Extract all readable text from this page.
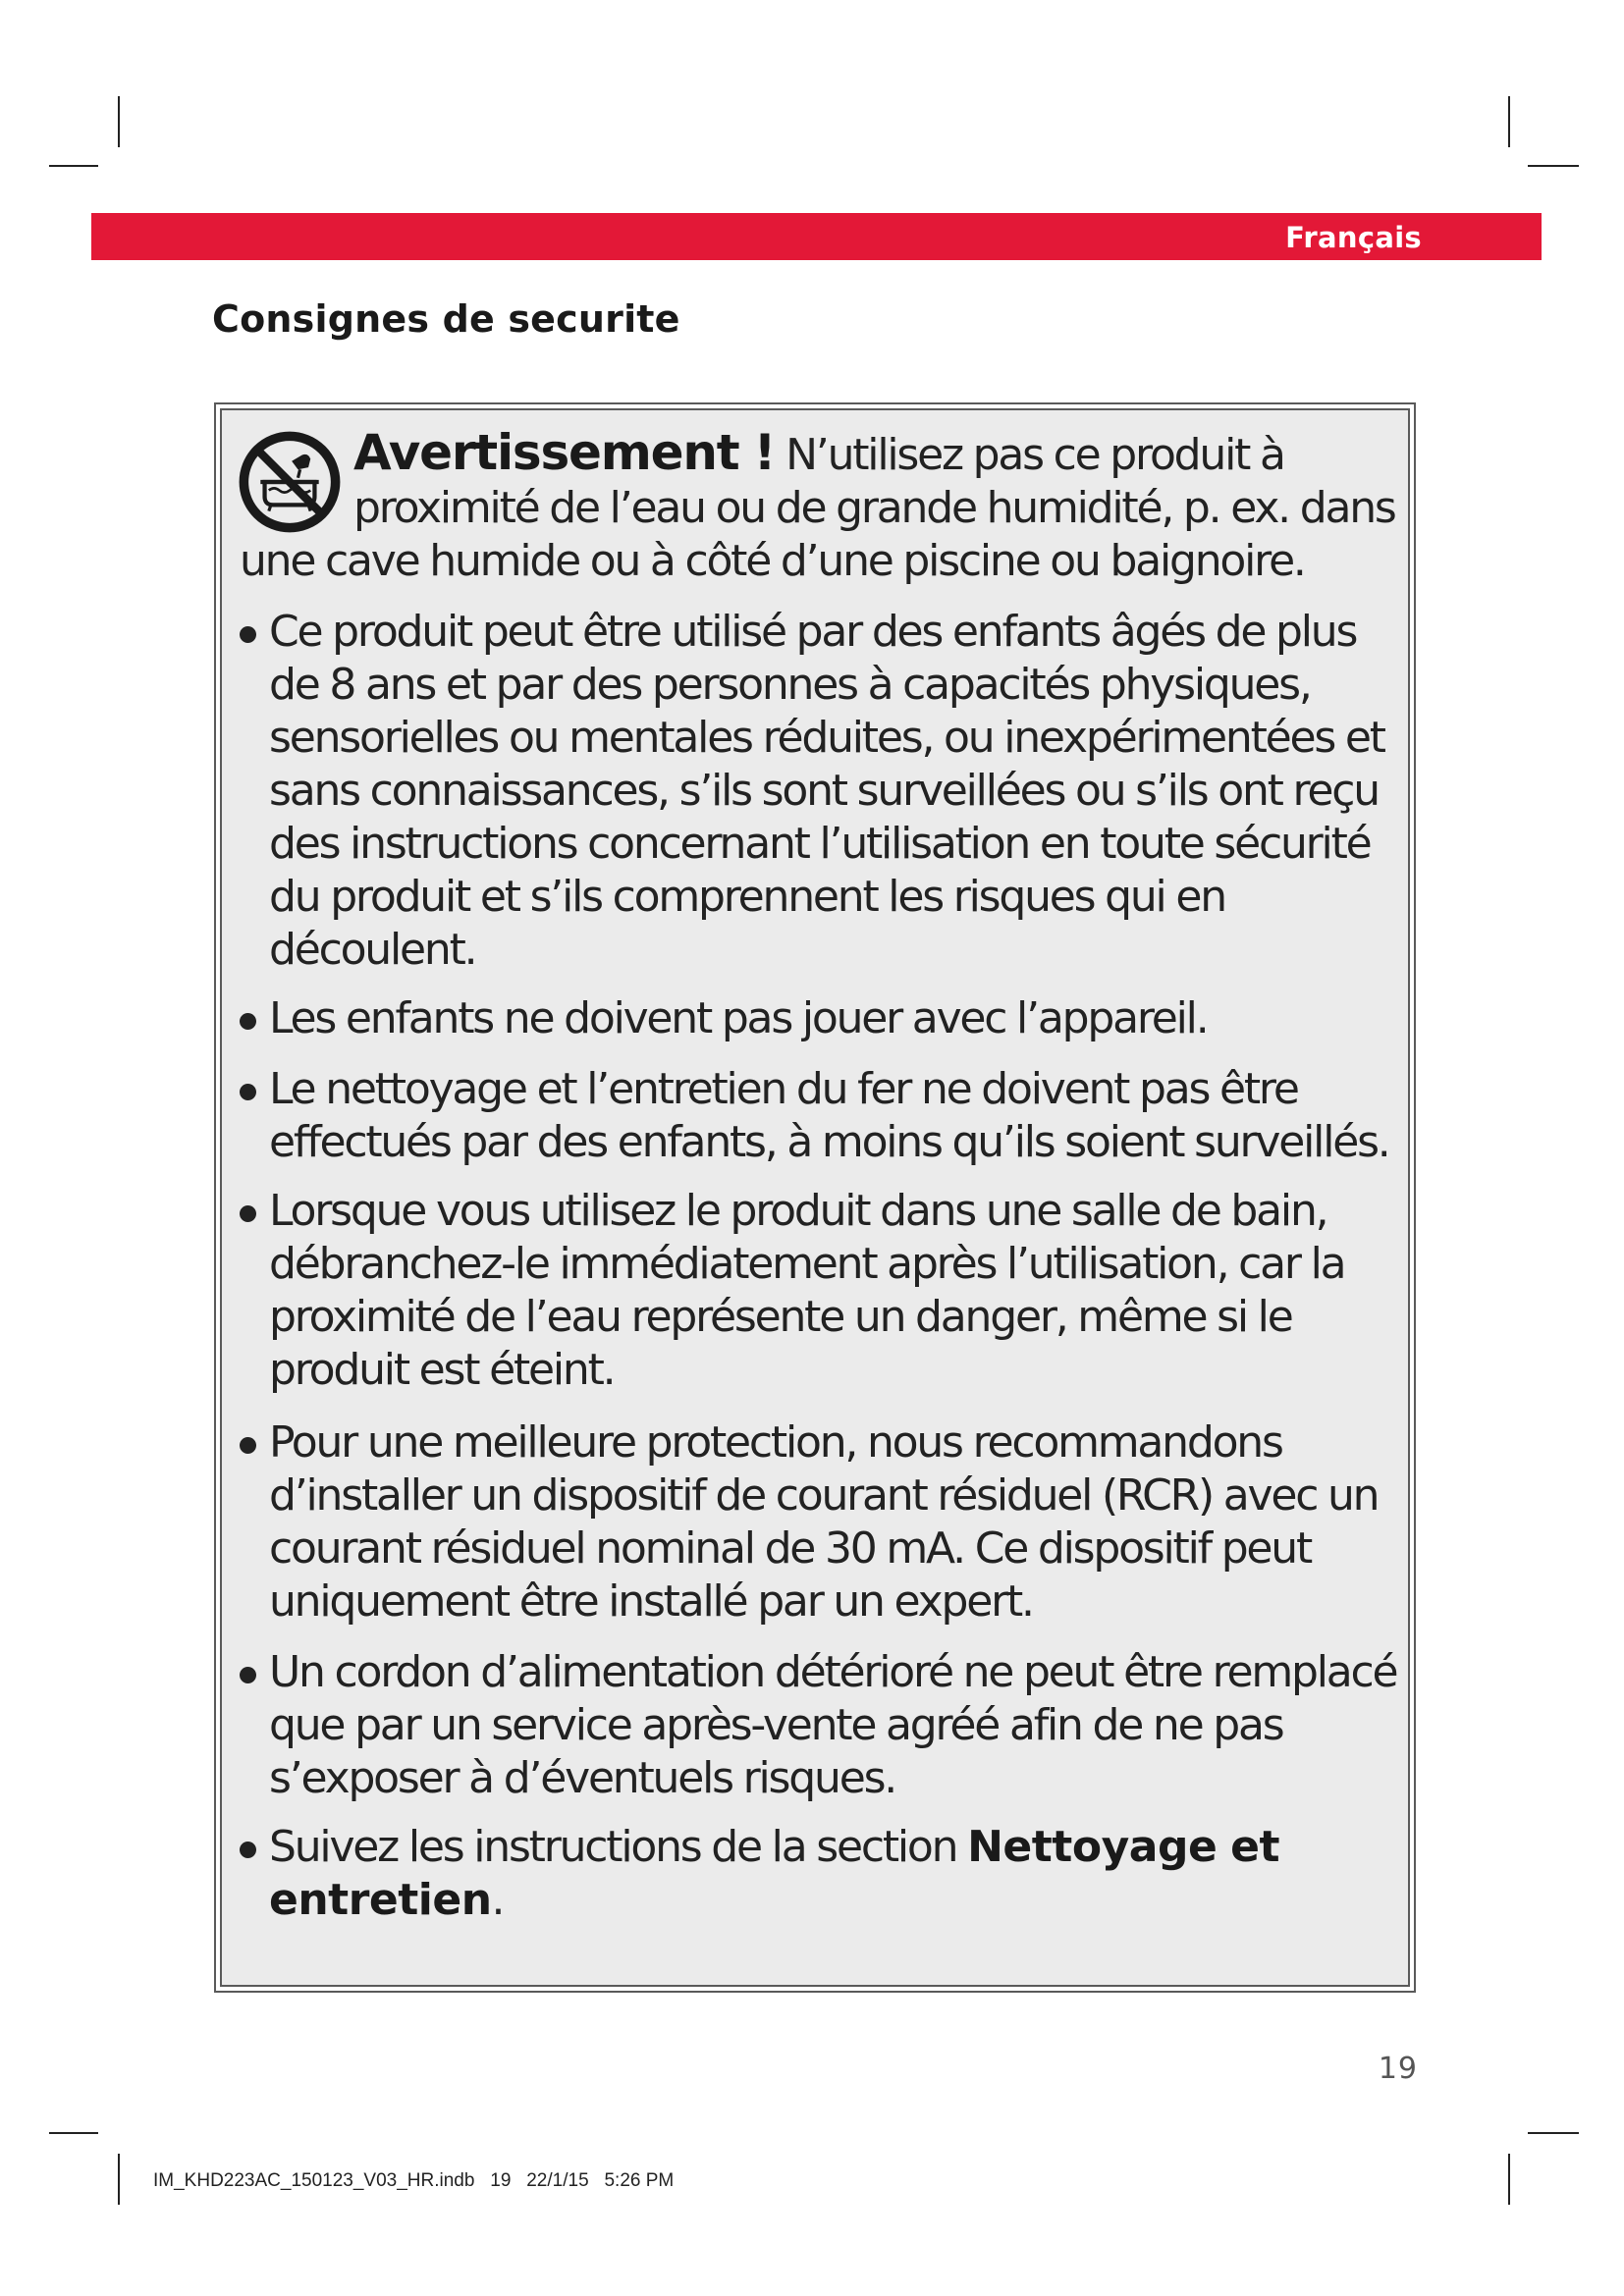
Français
Consignes de securite
Avertissement ! N’utilisez pas ce produit à proximité de l’eau ou de grande humidité, p. ex. dans une cave humide ou à côté d’une piscine ou baignoire.
Ce produit peut être utilisé par des enfants âgés de plus de 8 ans et par des personnes à capacités physiques, sensorielles ou mentales réduites, ou inexpérimentées et sans connaissances, s’ils sont surveillées ou s’ils ont reçu des instructions concernant l’utilisation en toute sécurité du produit et s’ils comprennent les risques qui en découlent.
Les enfants ne doivent pas jouer avec l’appareil.
Le nettoyage et l’entretien du fer ne doivent pas être effectués par des enfants, à moins qu’ils soient surveillés.
Lorsque vous utilisez le produit dans une salle de bain, débranchez-le immédiatement après l’utilisation, car la proximité de l’eau représente un danger, même si le produit est éteint.
Pour une meilleure protection, nous recommandons d’installer un dispositif de courant résiduel (RCR) avec un courant résiduel nominal de 30 mA. Ce dispositif peut uniquement être installé par un expert.
Un cordon d’alimentation détérioré ne peut être remplacé que par un service après-vente agréé afin de ne pas s’exposer à d’éventuels risques.
Suivez les instructions de la section Nettoyage et entretien.
19
IM_KHD223AC_150123_V03_HR.indb   19   22/1/15   5:26 PM
